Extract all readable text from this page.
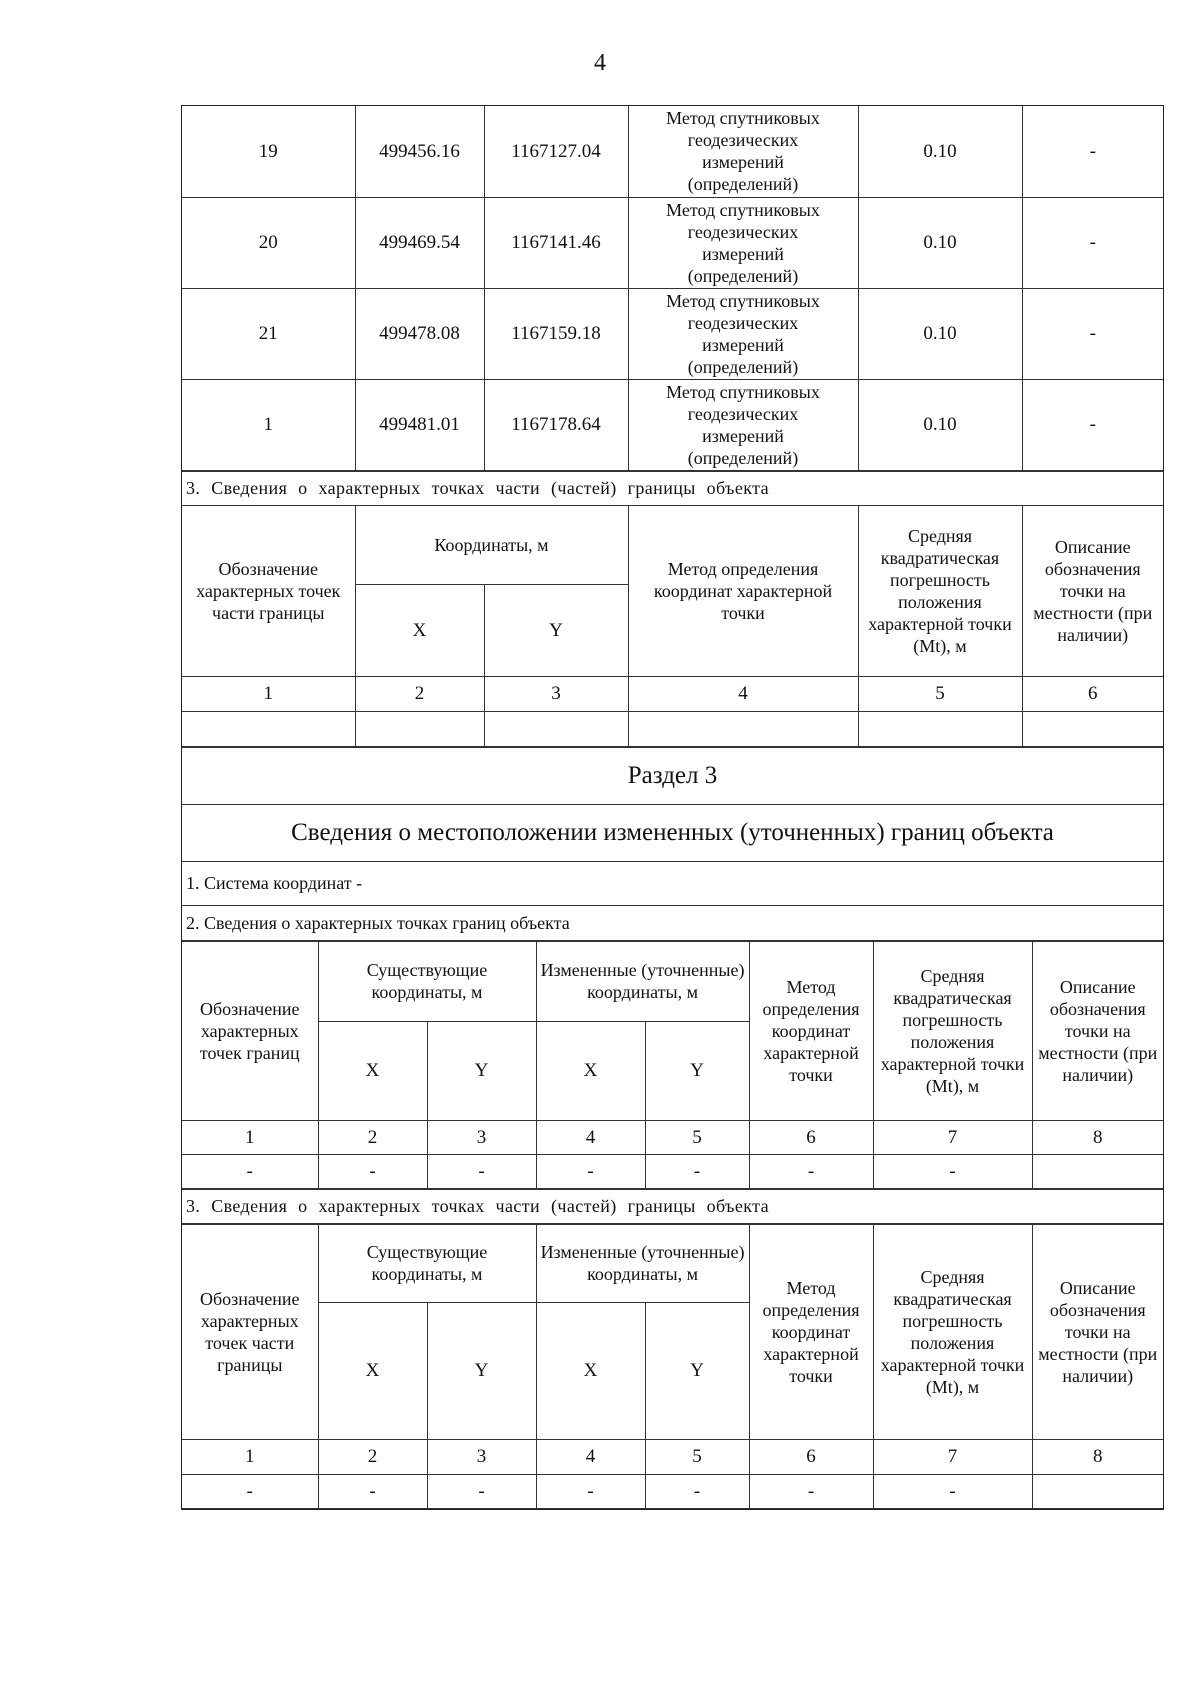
4
19	499456.16	1167127.04	Метод спутниковых
геодезических
измерений
(определений)	0.10	-
20	499469.54	1167141.46	Метод спутниковых
геодезических
измерений
(определений)	0.10	-
21	499478.08	1167159.18	Метод спутниковых
геодезических
измерений
(определений)	0.10	-
1	499481.01	1167178.64	Метод спутниковых
геодезических
измерений
(определений)	0.10	-
3. Сведения о характерных точках части (частей) границы объекта					
Обозначение характерных точек части границы	Координаты, м		Метод определения координат характерной точки	Средняя квадратическая погрешность положения характерной точки (Mt), м	Описание обозначения точки на местности (при наличии)
	X	Y			
1	2	3	4	5	6

Раздел 3
Сведения о местоположении измененных (уточненных) границ объекта
1. Система координат -
2. Сведения о характерных точках границ объекта
Обозначение характерных точек границ	Существующие координаты, м		Измененные (уточненные) координаты, м		Метод определения координат характерной точки	Средняя квадратическая погрешность положения характерной точки (Mt), м	Описание обозначения точки на местности (при наличии)
	X	Y	X	Y			
1	2	3	4	5	6	7	8
-	-	-	-	-	-	-	
3. Сведения о характерных точках части (частей) границы объекта
Обозначение характерных точек части границы	Существующие координаты, м		Измененные (уточненные) координаты, м		Метод определения координат характерной точки	Средняя квадратическая погрешность положения характерной точки (Mt), м	Описание обозначения точки на местности (при наличии)
	X	Y	X	Y			
1	2	3	4	5	6	7	8
-	-	-	-	-	-	-	
